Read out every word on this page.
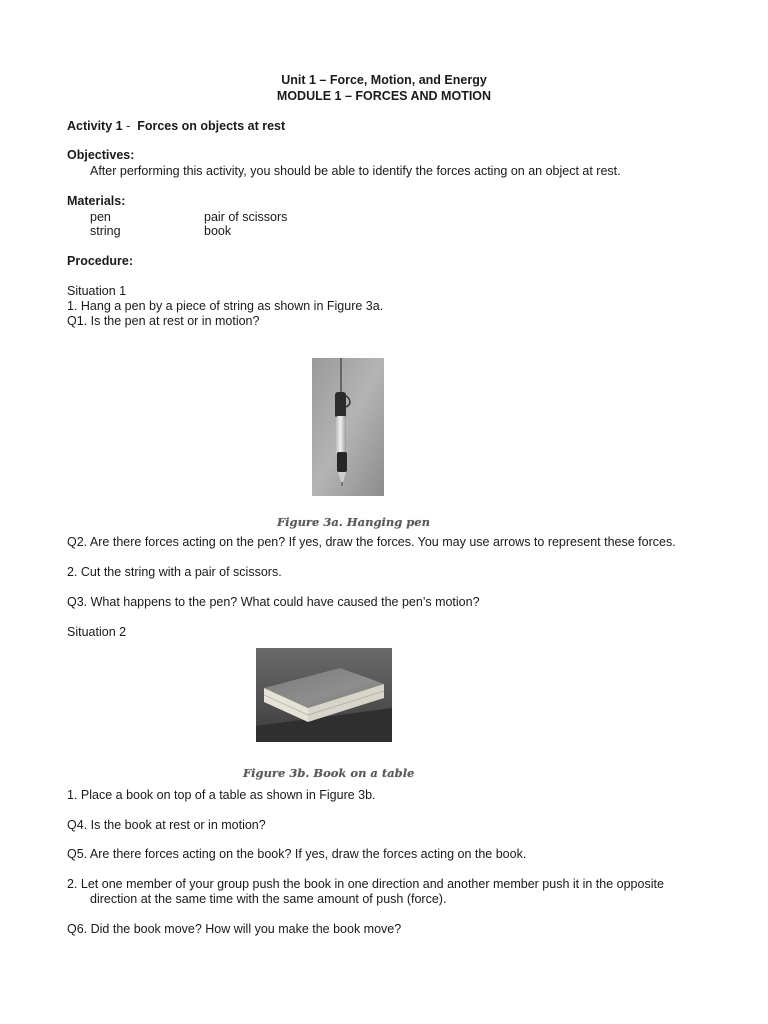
Unit 1 – Force, Motion, and Energy
MODULE 1 – FORCES AND MOTION
Activity 1 -  Forces on objects at rest
Objectives:
After performing this activity, you should be able to identify the forces acting on an object at rest.
Materials:
pen	pair of scissors
string	book
Procedure:
Situation 1
1. Hang a pen by a piece of string as shown in Figure 3a.
Q1. Is the pen at rest or in motion?
Figure 3a. Hanging pen
Q2. Are there forces acting on the pen? If yes, draw the forces. You may use arrows to represent these forces.
2. Cut the string with a pair of scissors.
Q3. What happens to the pen? What could have caused the pen’s motion?
Situation 2
Figure 3b. Book on a table
1. Place a book on top of a table as shown in Figure 3b.
Q4. Is the book at rest or in motion?
Q5. Are there forces acting on the book? If yes, draw the forces acting on the book.
2. Let one member of your group push the book in one direction and another member push it in the opposite
direction at the same time with the same amount of push (force).
Q6. Did the book move? How will you make the book move?
